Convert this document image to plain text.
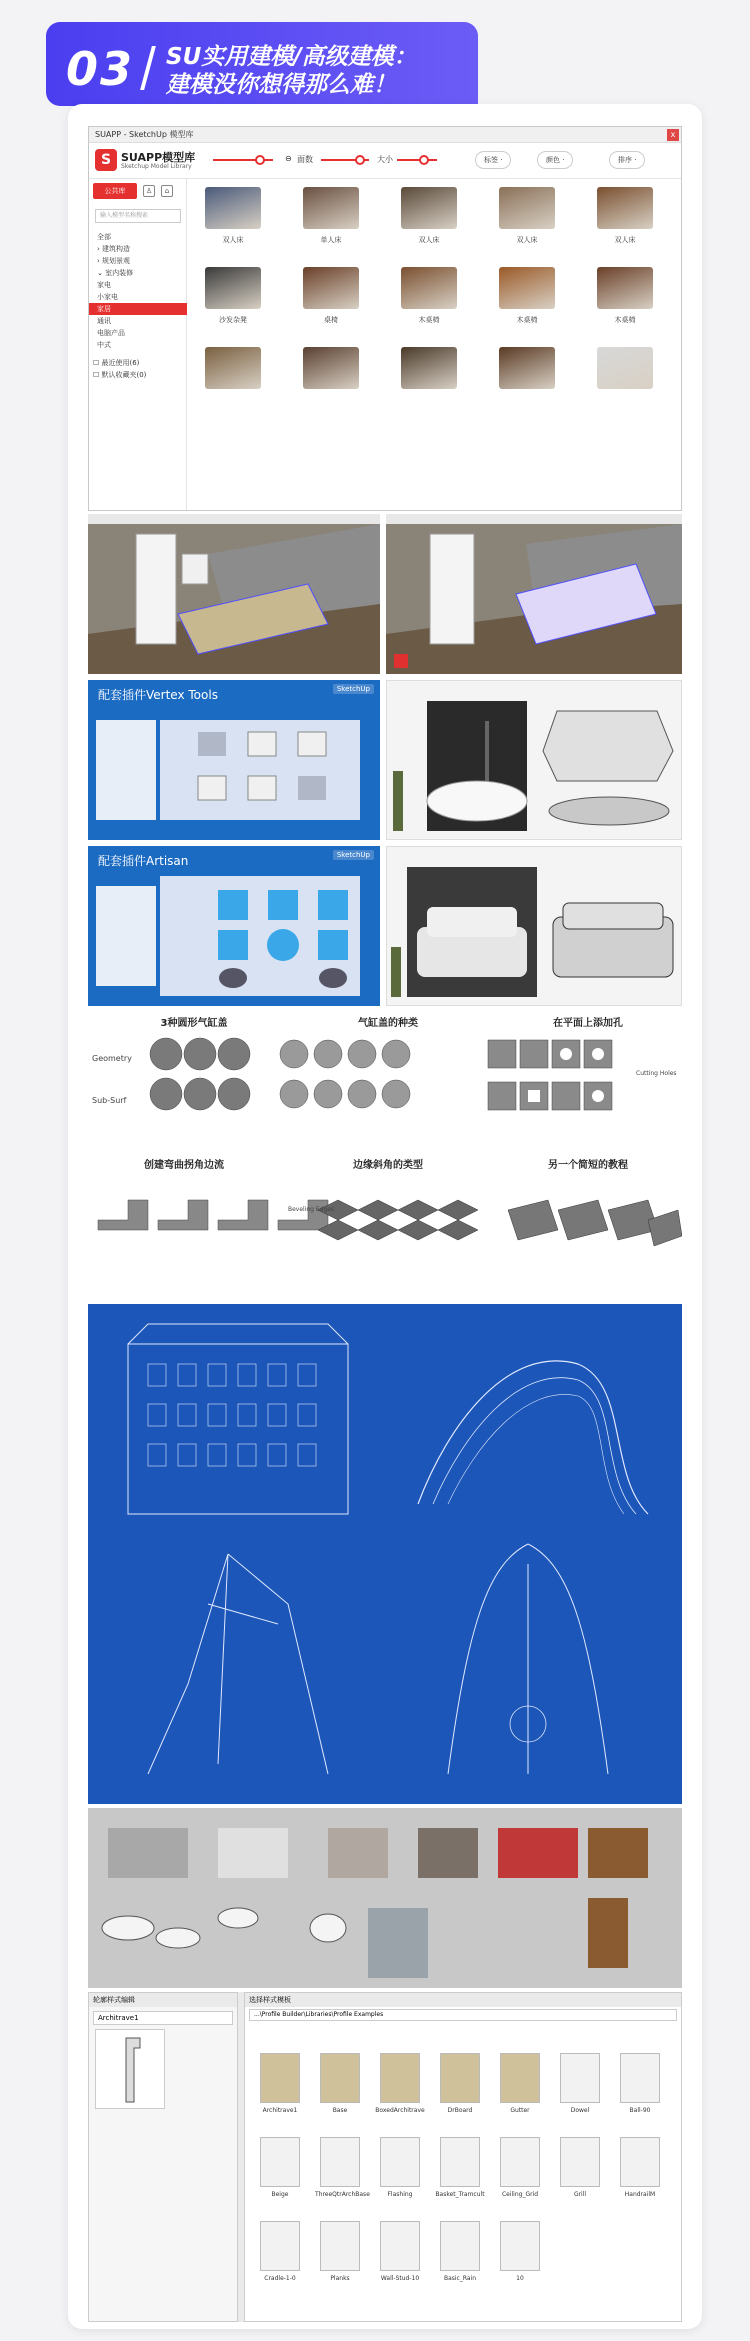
03 SU实用建模/高级建模：
建模没你想得那么难！
SUAPP - SketchUp 模型库	x
S SUAPP模型库
Sketchup Model Library
⊖ 面数	大小	标签 ·	颜色 ·	排序 ·
公共库	♙	⌂
输入模型名称搜索
全部
› 建筑构造
› 规划景观
⌄ 室内装修
家电
小家电
家居
通讯
电脑产品
中式
☐ 最近使用(6)
☐ 默认收藏夹(0)
双人床	单人床	双人床	双人床	双人床
沙发杂凳	桌椅	木桌椅	木桌椅	木桌椅
配套插件Vertex Tools	SketchUp
配套插件Artisan	SketchUp
3种圆形气缸盖	气缸盖的种类	在平面上添加孔
Geometry
Sub-Surf
Cutting Holes
创建弯曲拐角边流	边缘斜角的类型	另一个简短的教程
Beveling Edges
轮廓样式编辑
Architrave1
选择样式模板
...\Profile Builder\Libraries\Profile Examples
Architrave1	Base	BoxedArchitrave	DrBoard	Gutter	Dowel	Ball-90
Beige	ThreeQtrArchBase	Flashing	Basket_Tramcult	Ceiling_Grid	Grill	HandrailM
Cradle-1-0	Planks	Wall-Stud-10	Basic_Rain	10
